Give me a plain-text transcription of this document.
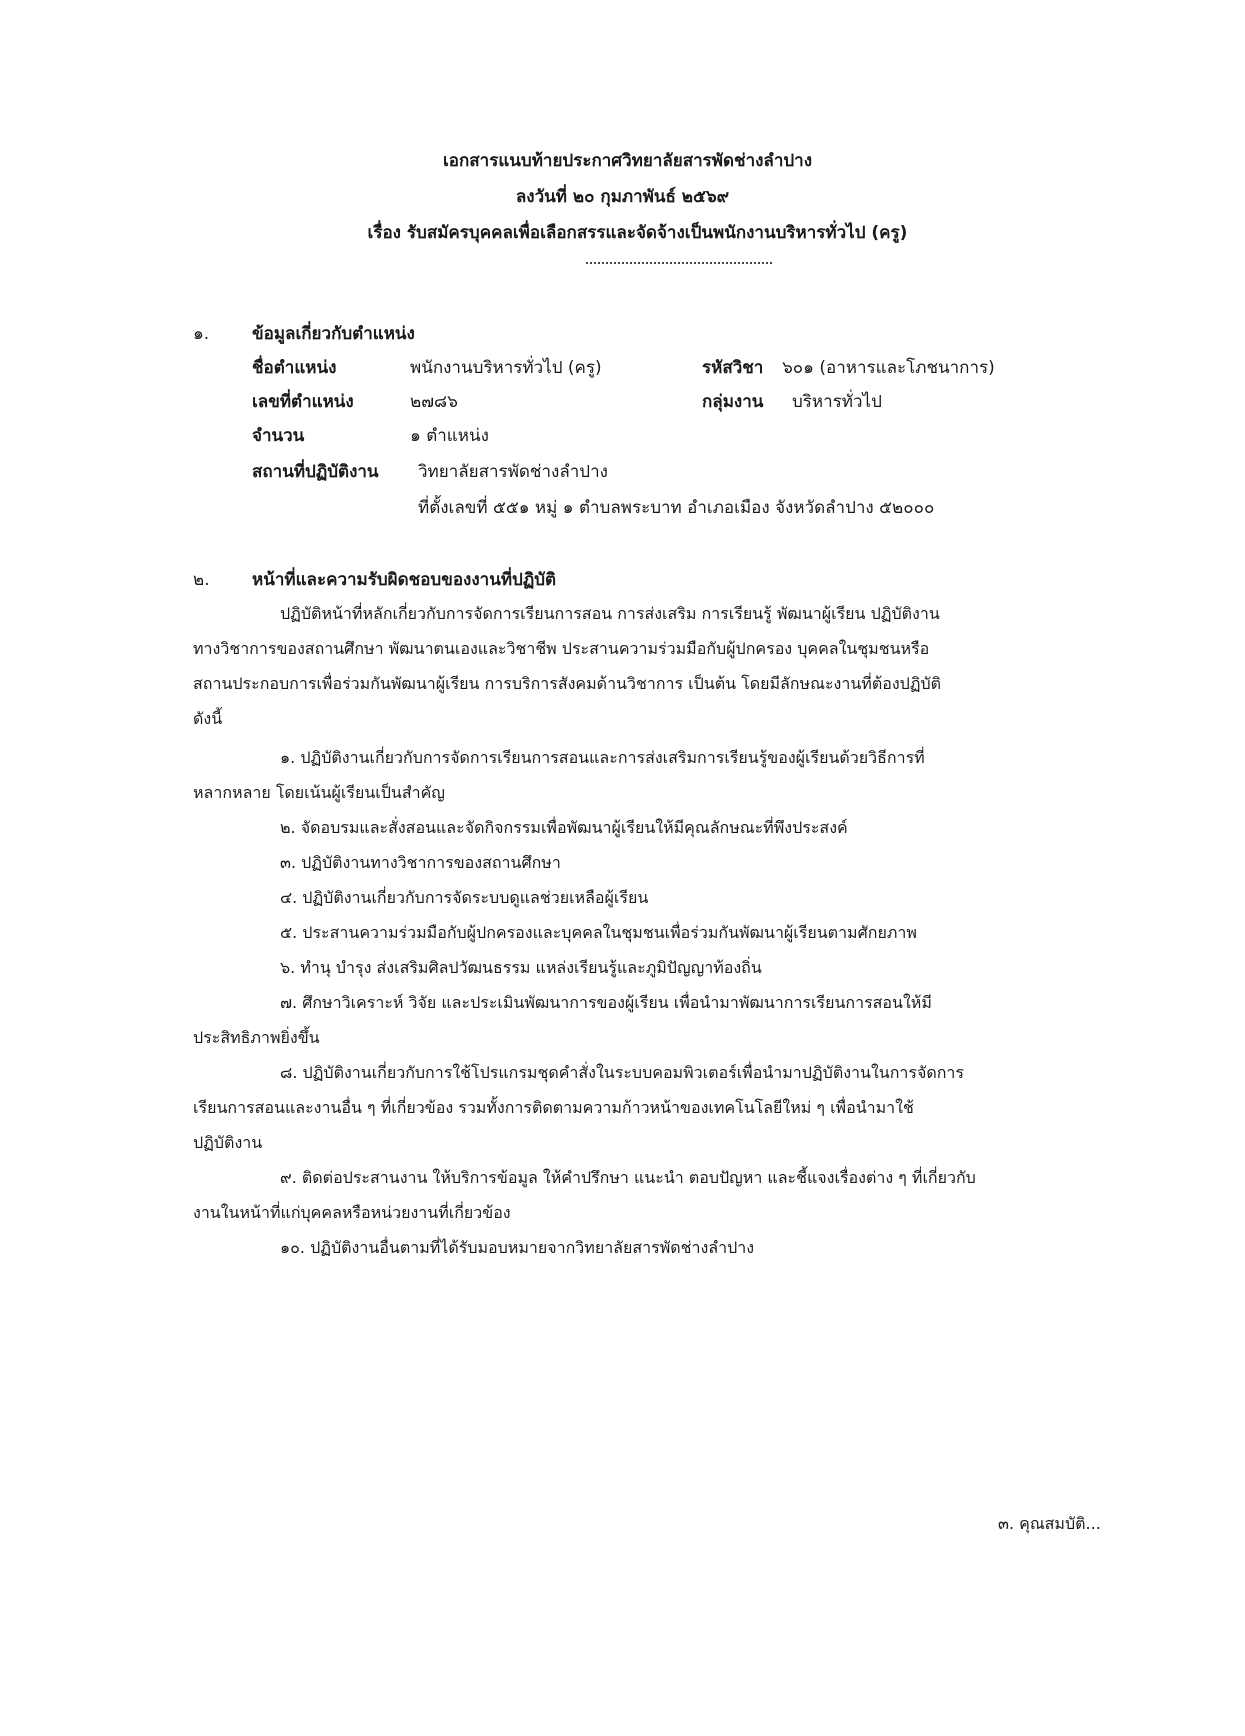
เอกสารแนบท้ายประกาศวิทยาลัยสารพัดช่างลำปาง
ลงวันที่ ๒๐ กุมภาพันธ์ ๒๕๖๙
เรื่อง รับสมัครบุคคลเพื่อเลือกสรรและจัดจ้างเป็นพนักงานบริหารทั่วไป (ครู)
๑.	ข้อมูลเกี่ยวกับตำแหน่ง
ชื่อตำแหน่ง	พนักงานบริหารทั่วไป (ครู)	รหัสวิชา ๖๐๑ (อาหารและโภชนาการ)
เลขที่ตำแหน่ง	๒๗๘๖	กลุ่มงาน บริหารทั่วไป
จำนวน	๑ ตำแหน่ง
สถานที่ปฏิบัติงาน วิทยาลัยสารพัดช่างลำปาง
ที่ตั้งเลขที่ ๕๕๑ หมู่ ๑ ตำบลพระบาท อำเภอเมือง จังหวัดลำปาง ๕๒๐๐๐
๒. หน้าที่และความรับผิดชอบของงานที่ปฏิบัติ
ปฏิบัติหน้าที่หลักเกี่ยวกับการจัดการเรียนการสอน การส่งเสริม การเรียนรู้ พัฒนาผู้เรียน ปฏิบัติงาน
ทางวิชาการของสถานศึกษา พัฒนาตนเองและวิชาชีพ ประสานความร่วมมือกับผู้ปกครอง บุคคลในชุมชนหรือ
สถานประกอบการเพื่อร่วมกันพัฒนาผู้เรียน การบริการสังคมด้านวิชาการ เป็นต้น โดยมีลักษณะงานที่ต้องปฏิบัติ
ดังนี้
๑. ปฏิบัติงานเกี่ยวกับการจัดการเรียนการสอนและการส่งเสริมการเรียนรู้ของผู้เรียนด้วยวิธีการที่
หลากหลาย โดยเน้นผู้เรียนเป็นสำคัญ
๒. จัดอบรมและสั่งสอนและจัดกิจกรรมเพื่อพัฒนาผู้เรียนให้มีคุณลักษณะที่พึงประสงค์
๓. ปฏิบัติงานทางวิชาการของสถานศึกษา
๔. ปฏิบัติงานเกี่ยวกับการจัดระบบดูแลช่วยเหลือผู้เรียน
๕. ประสานความร่วมมือกับผู้ปกครองและบุคคลในชุมชนเพื่อร่วมกันพัฒนาผู้เรียนตามศักยภาพ
๖. ทำนุ บำรุง ส่งเสริมศิลปวัฒนธรรม แหล่งเรียนรู้และภูมิปัญญาท้องถิ่น
๗. ศึกษาวิเคราะห์ วิจัย และประเมินพัฒนาการของผู้เรียน เพื่อนำมาพัฒนาการเรียนการสอนให้มี
ประสิทธิภาพยิ่งขึ้น
๘. ปฏิบัติงานเกี่ยวกับการใช้โปรแกรมชุดคำสั่งในระบบคอมพิวเตอร์เพื่อนำมาปฏิบัติงานในการจัดการ
เรียนการสอนและงานอื่น ๆ ที่เกี่ยวข้อง รวมทั้งการติดตามความก้าวหน้าของเทคโนโลยีใหม่ ๆ เพื่อนำมาใช้
ปฏิบัติงาน
๙. ติดต่อประสานงาน ให้บริการข้อมูล ให้คำปรึกษา แนะนำ ตอบปัญหา และชี้แจงเรื่องต่าง ๆ ที่เกี่ยวกับ
งานในหน้าที่แก่บุคคลหรือหน่วยงานที่เกี่ยวข้อง
๑๐. ปฏิบัติงานอื่นตามที่ได้รับมอบหมายจากวิทยาลัยสารพัดช่างลำปาง
๓. คุณสมบัติ...
